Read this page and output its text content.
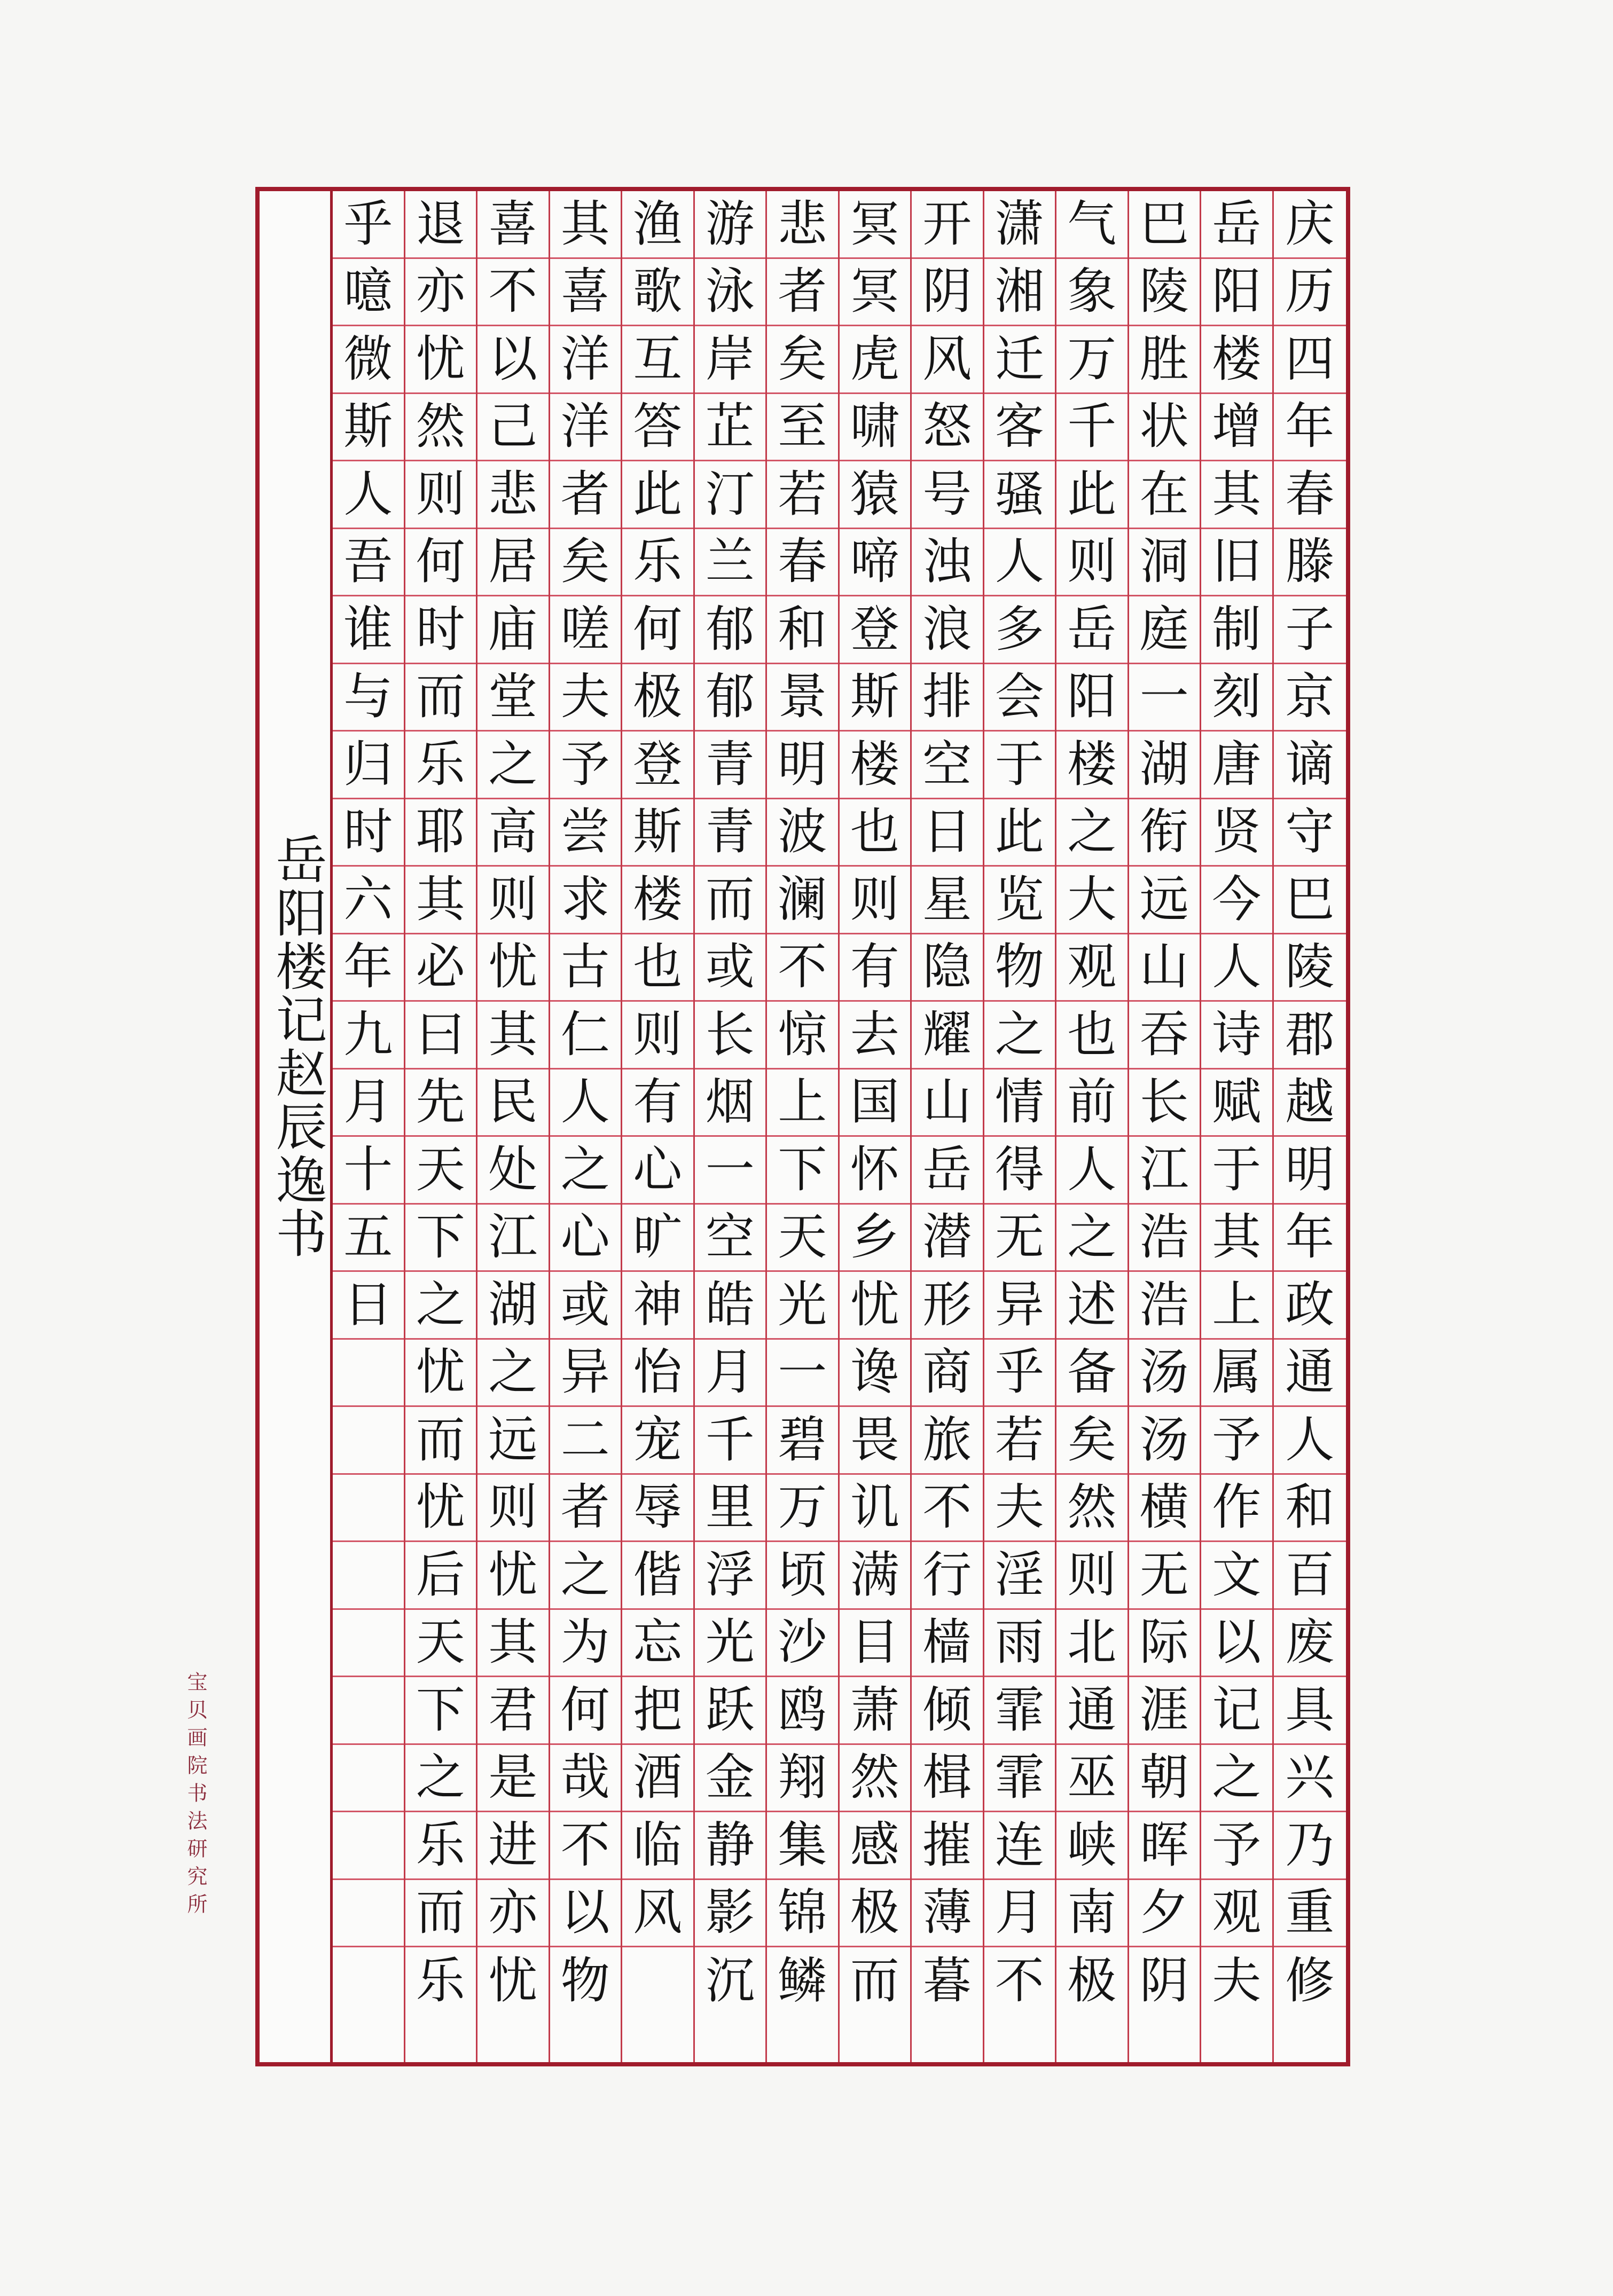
庆
历
四
年
春
滕
子
京
谪
守
巴
陵
郡
越
明
年
政
通
人
和
百
废
具
兴
乃
重
修
岳
阳
楼
增
其
旧
制
刻
唐
贤
今
人
诗
赋
于
其
上
属
予
作
文
以
记
之
予
观
夫
巴
陵
胜
状
在
洞
庭
一
湖
衔
远
山
吞
长
江
浩
浩
汤
汤
横
无
际
涯
朝
晖
夕
阴
气
象
万
千
此
则
岳
阳
楼
之
大
观
也
前
人
之
述
备
矣
然
则
北
通
巫
峡
南
极
潇
湘
迁
客
骚
人
多
会
于
此
览
物
之
情
得
无
异
乎
若
夫
淫
雨
霏
霏
连
月
不
开
阴
风
怒
号
浊
浪
排
空
日
星
隐
耀
山
岳
潜
形
商
旅
不
行
樯
倾
楫
摧
薄
暮
冥
冥
虎
啸
猿
啼
登
斯
楼
也
则
有
去
国
怀
乡
忧
谗
畏
讥
满
目
萧
然
感
极
而
悲
者
矣
至
若
春
和
景
明
波
澜
不
惊
上
下
天
光
一
碧
万
顷
沙
鸥
翔
集
锦
鳞
游
泳
岸
芷
汀
兰
郁
郁
青
青
而
或
长
烟
一
空
皓
月
千
里
浮
光
跃
金
静
影
沉
渔
歌
互
答
此
乐
何
极
登
斯
楼
也
则
有
心
旷
神
怡
宠
辱
偕
忘
把
酒
临
风
其
喜
洋
洋
者
矣
嗟
夫
予
尝
求
古
仁
人
之
心
或
异
二
者
之
为
何
哉
不
以
物
喜
不
以
己
悲
居
庙
堂
之
高
则
忧
其
民
处
江
湖
之
远
则
忧
其
君
是
进
亦
忧
退
亦
忧
然
则
何
时
而
乐
耶
其
必
曰
先
天
下
之
忧
而
忧
后
天
下
之
乐
而
乐
乎
噫
微
斯
人
吾
谁
与
归
时
六
年
九
月
十
五
日
岳阳楼记赵辰逸书
宝贝画院书法研究所
